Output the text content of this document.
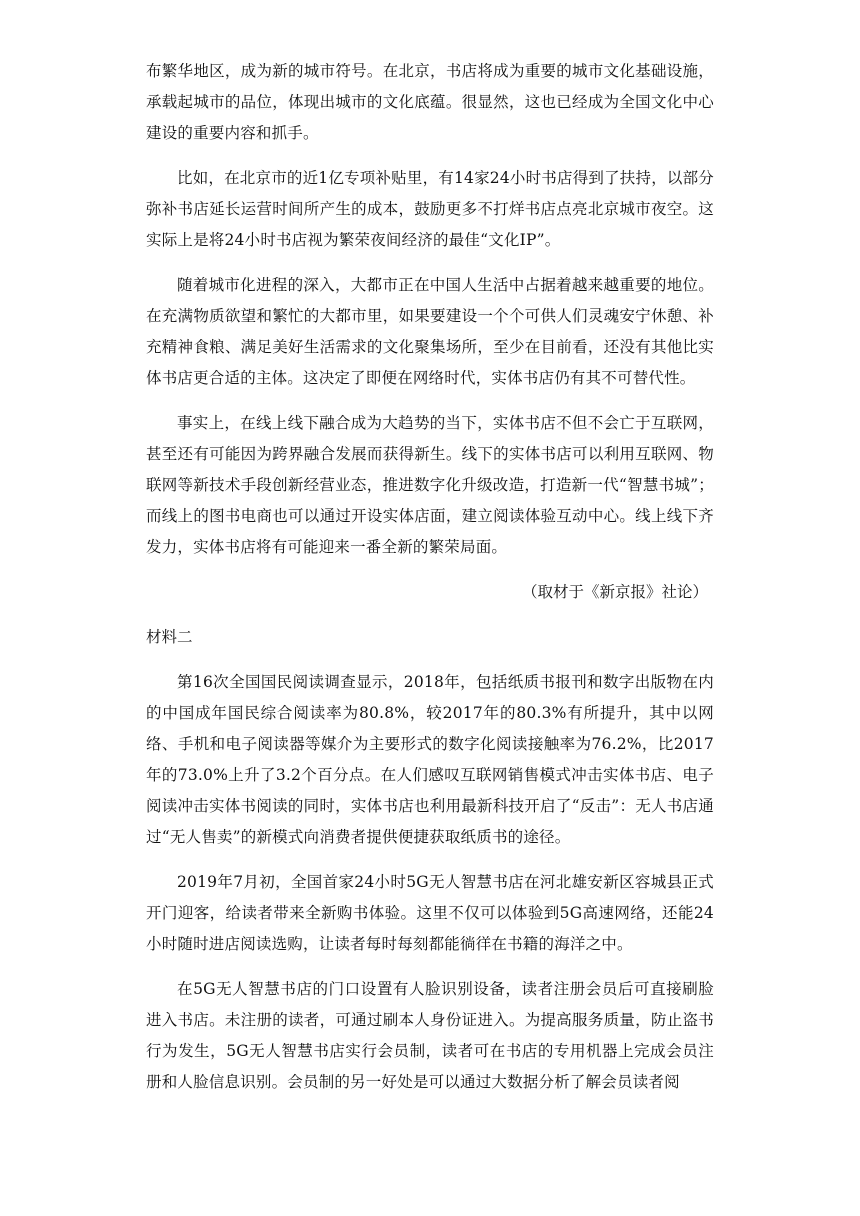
布繁华地区，成为新的城市符号。在北京，书店将成为重要的城市文化基础设施，承载起城市的品位，体现出城市的文化底蕴。很显然，这也已经成为全国文化中心建设的重要内容和抓手。

比如，在北京市的近1亿专项补贴里，有14家24小时书店得到了扶持，以部分弥补书店延长运营时间所产生的成本，鼓励更多不打烊书店点亮北京城市夜空。这实际上是将24小时书店视为繁荣夜间经济的最佳“文化IP”。

随着城市化进程的深入，大都市正在中国人生活中占据着越来越重要的地位。在充满物质欲望和繁忙的大都市里，如果要建设一个个可供人们灵魂安宁休憩、补充精神食粮、满足美好生活需求的文化聚集场所，至少在目前看，还没有其他比实体书店更合适的主体。这决定了即便在网络时代，实体书店仍有其不可替代性。

事实上，在线上线下融合成为大趋势的当下，实体书店不但不会亡于互联网，甚至还有可能因为跨界融合发展而获得新生。线下的实体书店可以利用互联网、物联网等新技术手段创新经营业态，推进数字化升级改造，打造新一代“智慧书城”；而线上的图书电商也可以通过开设实体店面，建立阅读体验互动中心。线上线下齐发力，实体书店将有可能迎来一番全新的繁荣局面。

（取材于《新京报》社论）

材料二

第16次全国国民阅读调查显示，2018年，包括纸质书报刊和数字出版物在内的中国成年国民综合阅读率为80.8%，较2017年的80.3%有所提升，其中以网络、手机和电子阅读器等媒介为主要形式的数字化阅读接触率为76.2%，比2017年的73.0%上升了3.2个百分点。在人们感叹互联网销售模式冲击实体书店、电子阅读冲击实体书阅读的同时，实体书店也利用最新科技开启了“反击”：无人书店通过“无人售卖”的新模式向消费者提供便捷获取纸质书的途径。

2019年7月初，全国首家24小时5G无人智慧书店在河北雄安新区容城县正式开门迎客，给读者带来全新购书体验。这里不仅可以体验到5G高速网络，还能24小时随时进店阅读选购，让读者每时每刻都能徜徉在书籍的海洋之中。

在5G无人智慧书店的门口设置有人脸识别设备，读者注册会员后可直接刷脸进入书店。未注册的读者，可通过刷本人身份证进入。为提高服务质量，防止盗书行为发生，5G无人智慧书店实行会员制，读者可在书店的专用机器上完成会员注册和人脸信息识别。会员制的另一好处是可以通过大数据分析了解会员读者阅
